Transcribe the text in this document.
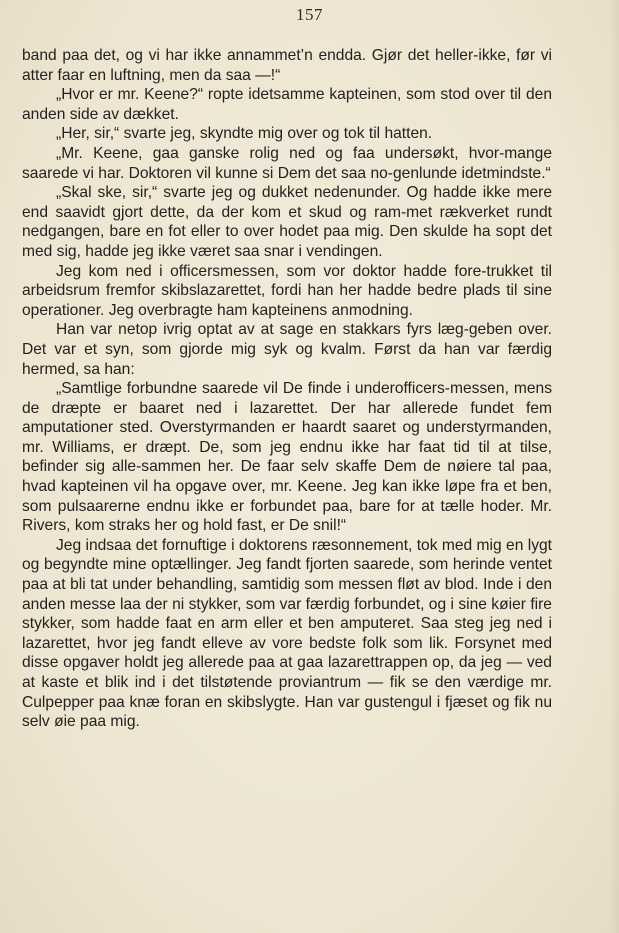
157

band paa det, og vi har ikke annammet’n endda. Gjør det heller-ikke, før vi atter faar en luftning, men da saa —!“

„Hvor er mr. Keene?“ ropte idetsamme kapteinen, som stod over til den anden side av dækket.

„Her, sir,“ svarte jeg, skyndte mig over og tok til hatten.

„Mr. Keene, gaa ganske rolig ned og faa undersøkt, hvor-mange saarede vi har. Doktoren vil kunne si Dem det saa no-genlunde idetmindste.“

„Skal ske, sir,“ svarte jeg og dukket nedenunder. Og hadde ikke mere end saavidt gjort dette, da der kom et skud og ram-met rækverket rundt nedgangen, bare en fot eller to over hodet paa mig. Den skulde ha sopt det med sig, hadde jeg ikke været saa snar i vendingen.

Jeg kom ned i officersmessen, som vor doktor hadde fore-trukket til arbeidsrum fremfor skibslazarettet, fordi han her hadde bedre plads til sine operationer. Jeg overbragte ham kapteinens anmodning.

Han var netop ivrig optat av at sage en stakkars fyrs læg-geben over. Det var et syn, som gjorde mig syk og kvalm. Først da han var færdig hermed, sa han:

„Samtlige forbundne saarede vil De finde i underofficers-messen, mens de dræpte er baaret ned i lazarettet. Der har allerede fundet fem amputationer sted. Overstyrmanden er haardt saaret og understyrmanden, mr. Williams, er dræpt. De, som jeg endnu ikke har faat tid til at tilse, befinder sig alle-sammen her. De faar selv skaffe Dem de nøiere tal paa, hvad kapteinen vil ha opgave over, mr. Keene. Jeg kan ikke løpe fra et ben, som pulsaarerne endnu ikke er forbundet paa, bare for at tælle hoder. Mr. Rivers, kom straks her og hold fast, er De snil!“

Jeg indsaa det fornuftige i doktorens ræsonnement, tok med mig en lygt og begyndte mine optællinger. Jeg fandt fjorten saarede, som herinde ventet paa at bli tat under behandling, samtidig som messen fløt av blod. Inde i den anden messe laa der ni stykker, som var færdig forbundet, og i sine køier fire stykker, som hadde faat en arm eller et ben amputeret. Saa steg jeg ned i lazarettet, hvor jeg fandt elleve av vore bedste folk som lik. Forsynet med disse opgaver holdt jeg allerede paa at gaa lazarettrappen op, da jeg — ved at kaste et blik ind i det tilstøtende proviantrum — fik se den værdige mr. Culpepper paa knæ foran en skibslygte. Han var gustengul i fjæset og fik nu selv øie paa mig.
